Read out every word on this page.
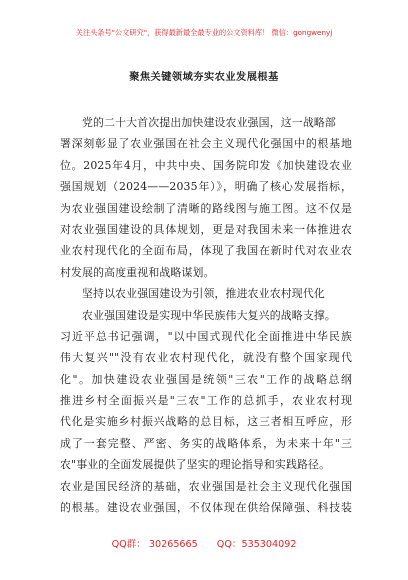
关注头条号"公文研究"，获得最新最全最专业的公文资料库！ 微信：gongwenyj
聚焦关键领域夯实农业发展根基
党的二十大首次提出加快建设农业强国，这一战略部
署深刻彰显了农业强国在社会主义现代化强国中的根基地
位。2025年4月，中共中央、国务院印发《加快建设农业
强国规划（2024——2035年）》，明确了核心发展指标，
为农业强国建设绘制了清晰的路线图与施工图。这不仅是
对农业强国建设的具体规划，更是对我国未来一体推进农
业农村现代化的全面布局，体现了我国在新时代对农业农
村发展的高度重视和战略谋划。
坚持以农业强国建设为引领，推进农业农村现代化
农业强国建设是实现中华民族伟大复兴的战略支撑。
习近平总书记强调，"以中国式现代化全面推进中华民族
伟大复兴""没有农业农村现代化，就没有整个国家现代
化"。加快建设农业强国是统领"三农"工作的战略总纲
推进乡村全面振兴是"三农"工作的总抓手，农业农村现
代化是实施乡村振兴战略的总目标，这三者相互呼应，形
成了一套完整、严密、务实的战略体系，为未来十年"三
农"事业的全面发展提供了坚实的理论指导和实践路径。
农业是国民经济的基础，农业强国是社会主义现代化强国
的根基。建设农业强国，不仅体现在供给保障强、科技装
QQ群： 30265665 QQ：535304092
